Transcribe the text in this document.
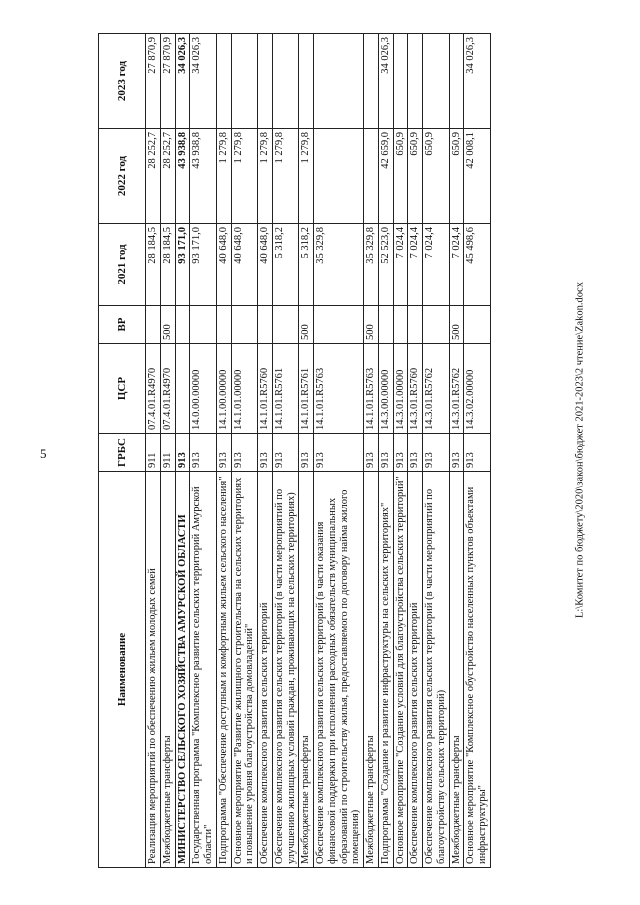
5	L:\Комитет по бюджету\2020\закон\бюджет 2021-2023\2 чтение\Zakon.docx
Наименование	ГРБС	ЦСР	ВР	2021 год	2022 год	2023 год
Реализация мероприятий по обеспечению жильем молодых семей	911	07.4.01.R4970		28 184,5	28 252,7	27 870,9
Межбюджетные трансферты	911	07.4.01.R4970	500	28 184,5	28 252,7	27 870,9
МИНИСТЕРСТВО СЕЛЬСКОГО ХОЗЯЙСТВА АМУРСКОЙ ОБЛАСТИ	913			93 171,0	43 938,8	34 026,3
Государственная программа "Комплексное развитие сельских территорий Амурской области"	913	14.0.00.00000		93 171,0	43 938,8	34 026,3
Подпрограмма "Обеспечение доступным и комфортным жильем сельского населения"	913	14.1.00.00000		40 648,0	1 279,8	
Основное мероприятие "Развитие жилищного строительства на сельских территориях и повышение уровня благоустройства домовладений"	913	14.1.01.00000		40 648,0	1 279,8	
Обеспечение комплексного развития сельских территорий	913	14.1.01.R5760		40 648,0	1 279,8	
Обеспечение комплексного развития сельских территорий (в части мероприятий по улучшению жилищных условий граждан, проживающих на сельских территориях)	913	14.1.01.R5761		5 318,2	1 279,8	
Межбюджетные трансферты	913	14.1.01.R5761	500	5 318,2	1 279,8	
Обеспечение комплексного развития сельских территорий (в части оказания финансовой поддержки при исполнении расходных обязательств муниципальных образований по строительству жилья, предоставляемого по договору найма жилого помещения)	913	14.1.01.R5763		35 329,8		
Межбюджетные трансферты	913	14.1.01.R5763	500	35 329,8		
Подпрограмма "Создание и развитие инфраструктуры на сельских территориях"	913	14.3.00.00000		52 523,0	42 659,0	34 026,3
Основное мероприятие "Создание условий для благоустройства сельских территорий"	913	14.3.01.00000		7 024,4	650,9	
Обеспечение комплексного развития сельских территорий	913	14.3.01.R5760		7 024,4	650,9	
Обеспечение комплексного развития сельских территорий (в части мероприятий по благоустройству сельских территорий)	913	14.3.01.R5762		7 024,4	650,9	
Межбюджетные трансферты	913	14.3.01.R5762	500	7 024,4	650,9	
Основное мероприятие "Комплексное обустройство населенных пунктов объектами инфраструктуры"	913	14.3.02.00000		45 498,6	42 008,1	34 026,3
